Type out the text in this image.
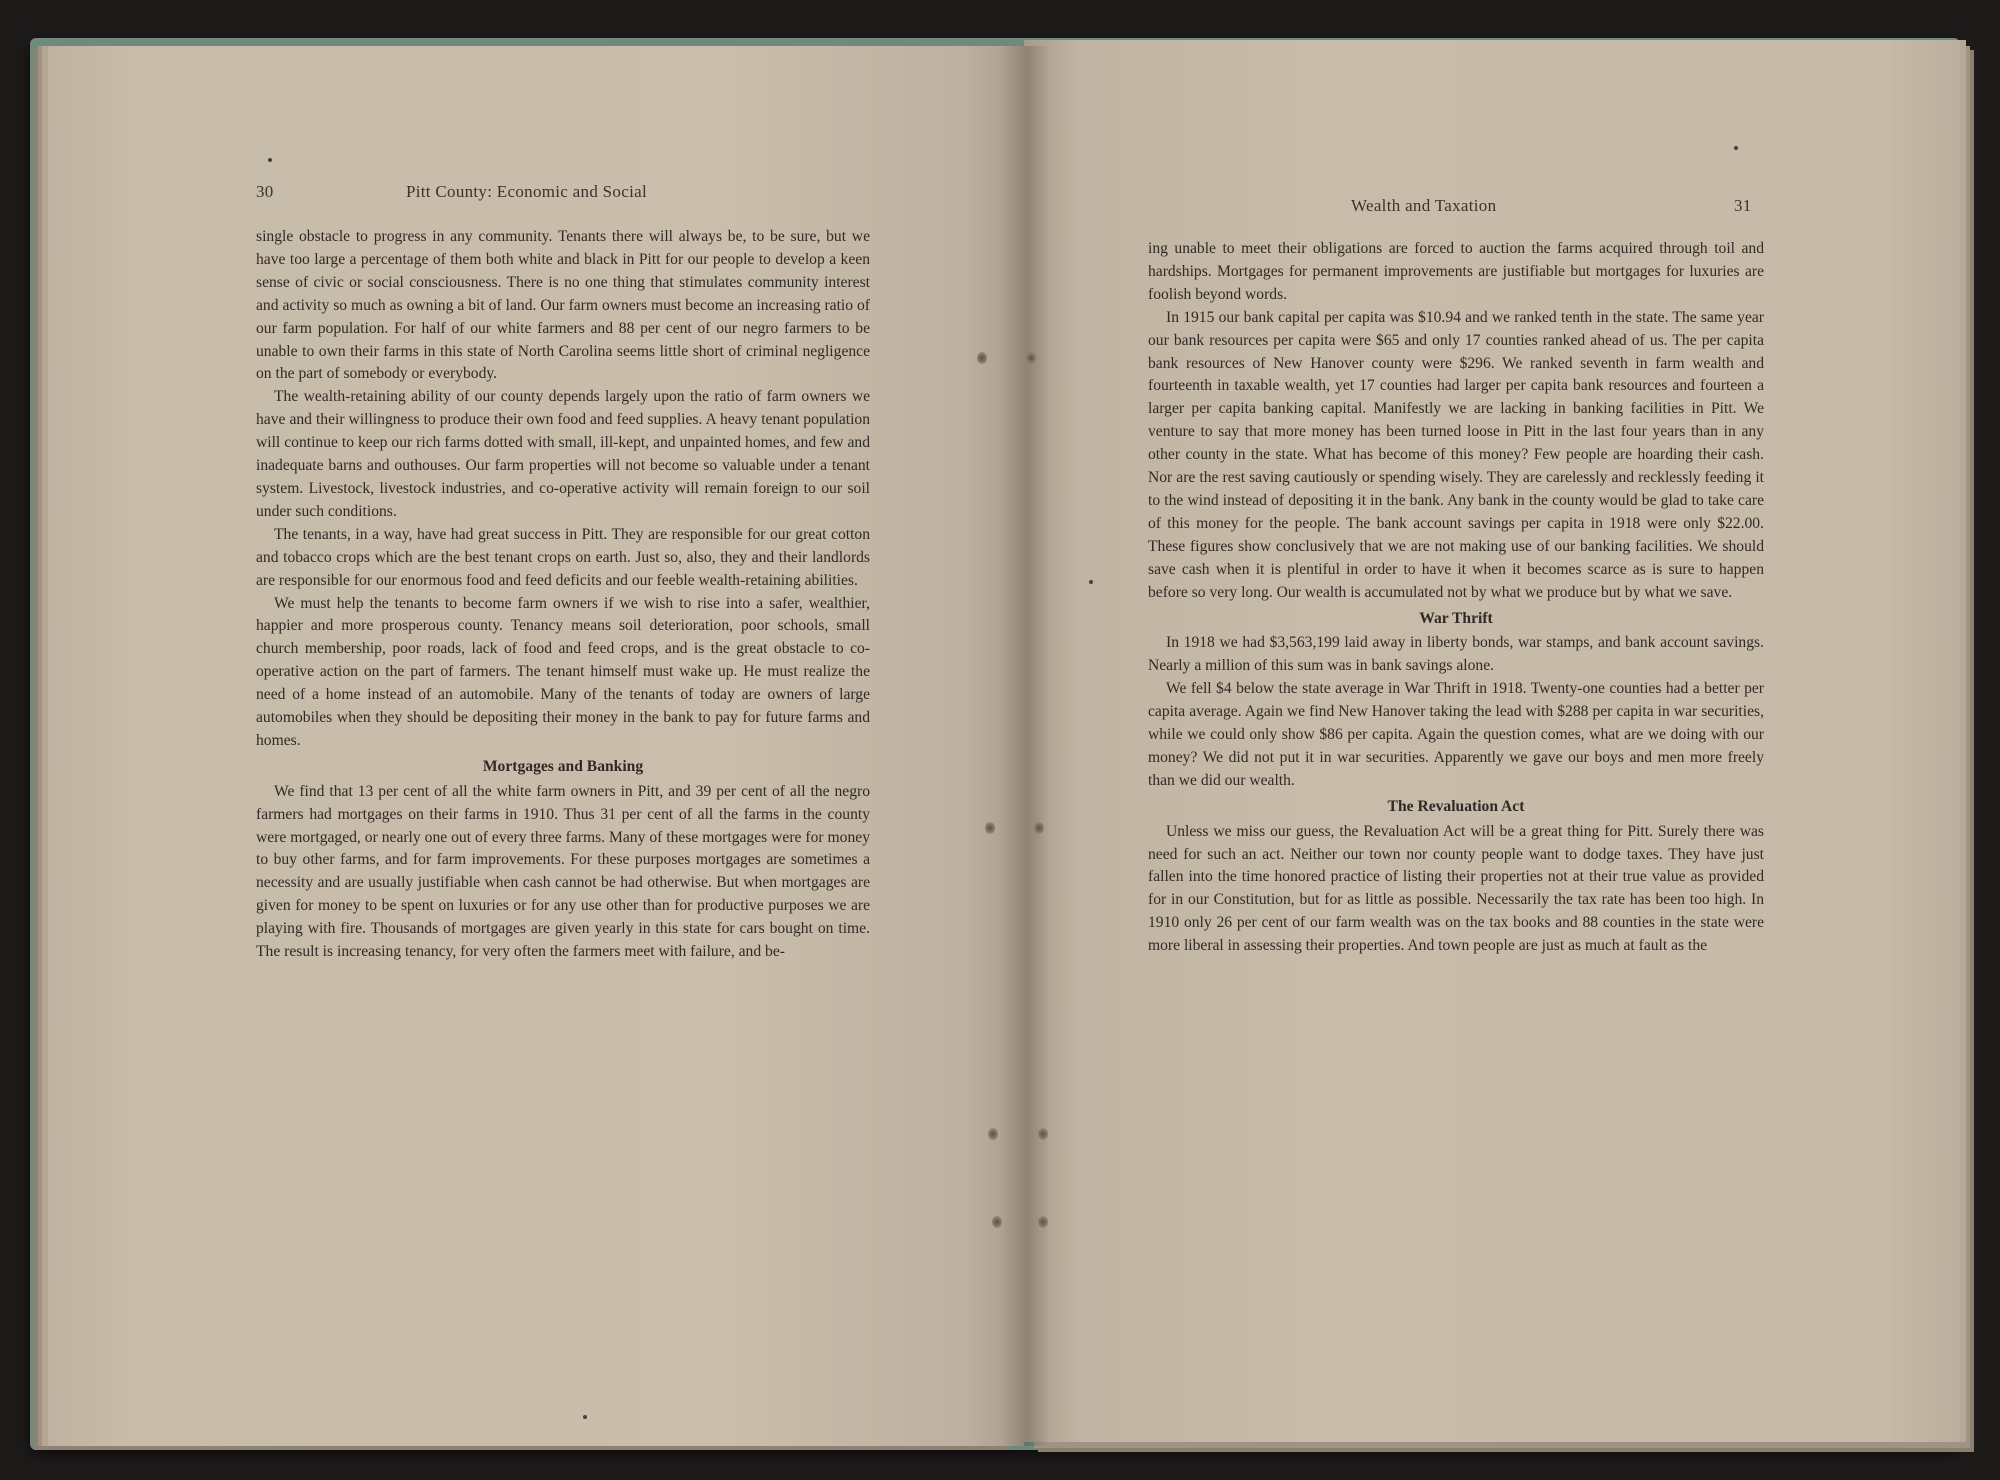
30	Pitt County: Economic and Social

single obstacle to progress in any community. Tenants there will always be, to be sure, but we have too large a percentage of them both white and black in Pitt for our people to develop a keen sense of civic or social consciousness. There is no one thing that stimulates community interest and activity so much as owning a bit of land. Our farm owners must become an increasing ratio of our farm population. For half of our white farmers and 88 per cent of our negro farmers to be unable to own their farms in this state of North Carolina seems little short of criminal negligence on the part of somebody or everybody.

The wealth-retaining ability of our county depends largely upon the ratio of farm owners we have and their willingness to produce their own food and feed supplies. A heavy tenant population will continue to keep our rich farms dotted with small, ill-kept, and unpainted homes, and few and inadequate barns and outhouses. Our farm properties will not become so valuable under a tenant system. Livestock, livestock industries, and co-operative activity will remain foreign to our soil under such conditions.

The tenants, in a way, have had great success in Pitt. They are responsible for our great cotton and tobacco crops which are the best tenant crops on earth. Just so, also, they and their landlords are responsible for our enormous food and feed deficits and our feeble wealth-retaining abilities.

We must help the tenants to become farm owners if we wish to rise into a safer, wealthier, happier and more prosperous county. Tenancy means soil deterioration, poor schools, small church membership, poor roads, lack of food and feed crops, and is the great obstacle to co-operative action on the part of farmers. The tenant himself must wake up. He must realize the need of a home instead of an automobile. Many of the tenants of today are owners of large automobiles when they should be depositing their money in the bank to pay for future farms and homes.

Mortgages and Banking

We find that 13 per cent of all the white farm owners in Pitt, and 39 per cent of all the negro farmers had mortgages on their farms in 1910. Thus 31 per cent of all the farms in the county were mortgaged, or nearly one out of every three farms. Many of these mortgages were for money to buy other farms, and for farm improvements. For these purposes mortgages are sometimes a necessity and are usually justifiable when cash cannot be had otherwise. But when mortgages are given for money to be spent on luxuries or for any use other than for productive purposes we are playing with fire. Thousands of mortgages are given yearly in this state for cars bought on time. The result is increasing tenancy, for very often the farmers meet with failure, and be-

Wealth and Taxation	31

ing unable to meet their obligations are forced to auction the farms acquired through toil and hardships. Mortgages for permanent improvements are justifiable but mortgages for luxuries are foolish beyond words.

In 1915 our bank capital per capita was $10.94 and we ranked tenth in the state. The same year our bank resources per capita were $65 and only 17 counties ranked ahead of us. The per capita bank resources of New Hanover county were $296. We ranked seventh in farm wealth and fourteenth in taxable wealth, yet 17 counties had larger per capita bank resources and fourteen a larger per capita banking capital. Manifestly we are lacking in banking facilities in Pitt. We venture to say that more money has been turned loose in Pitt in the last four years than in any other county in the state. What has become of this money? Few people are hoarding their cash. Nor are the rest saving cautiously or spending wisely. They are carelessly and recklessly feeding it to the wind instead of depositing it in the bank. Any bank in the county would be glad to take care of this money for the people. The bank account savings per capita in 1918 were only $22.00. These figures show conclusively that we are not making use of our banking facilities. We should save cash when it is plentiful in order to have it when it becomes scarce as is sure to happen before so very long. Our wealth is accumulated not by what we produce but by what we save.

War Thrift

In 1918 we had $3,563,199 laid away in liberty bonds, war stamps, and bank account savings. Nearly a million of this sum was in bank savings alone.

We fell $4 below the state average in War Thrift in 1918. Twenty-one counties had a better per capita average. Again we find New Hanover taking the lead with $288 per capita in war securities, while we could only show $86 per capita. Again the question comes, what are we doing with our money? We did not put it in war securities. Apparently we gave our boys and men more freely than we did our wealth.

The Revaluation Act

Unless we miss our guess, the Revaluation Act will be a great thing for Pitt. Surely there was need for such an act. Neither our town nor county people want to dodge taxes. They have just fallen into the time honored practice of listing their properties not at their true value as provided for in our Constitution, but for as little as possible. Necessarily the tax rate has been too high. In 1910 only 26 per cent of our farm wealth was on the tax books and 88 counties in the state were more liberal in assessing their properties. And town people are just as much at fault as the
